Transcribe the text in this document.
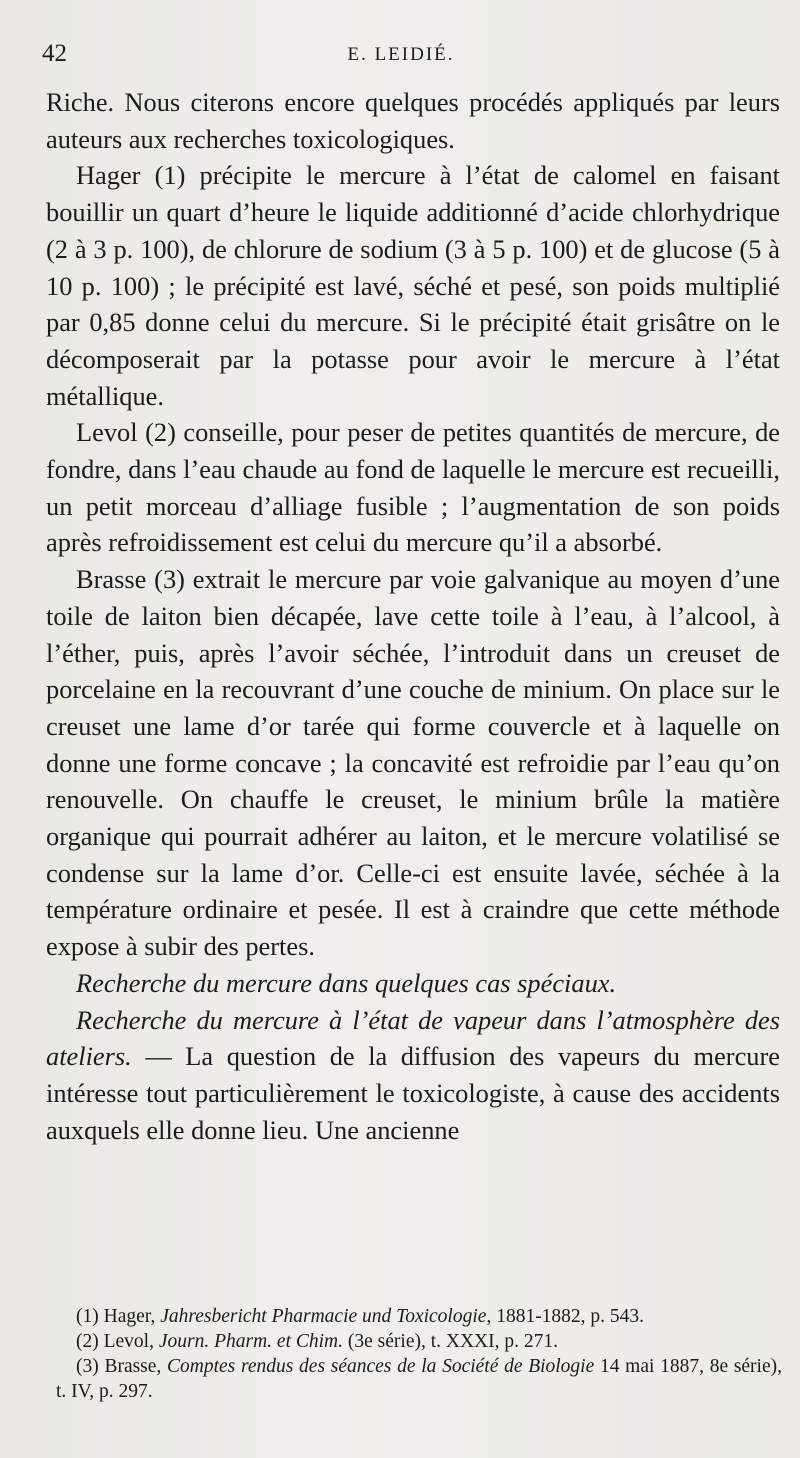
42	E. LEIDIÉ.

Riche. Nous citerons encore quelques procédés appliqués par leurs auteurs aux recherches toxicologiques.

Hager (1) précipite le mercure à l’état de calomel en faisant bouillir un quart d’heure le liquide additionné d’acide chlorhydrique (2 à 3 p. 100), de chlorure de sodium (3 à 5 p. 100) et de glucose (5 à 10 p. 100) ; le précipité est lavé, séché et pesé, son poids multiplié par 0,85 donne celui du mercure. Si le précipité était grisâtre on le décomposerait par la potasse pour avoir le mercure à l’état métallique.

Levol (2) conseille, pour peser de petites quantités de mercure, de fondre, dans l’eau chaude au fond de laquelle le mercure est recueilli, un petit morceau d’alliage fusible ; l’augmentation de son poids après refroidissement est celui du mercure qu’il a absorbé.

Brasse (3) extrait le mercure par voie galvanique au moyen d’une toile de laiton bien décapée, lave cette toile à l’eau, à l’alcool, à l’éther, puis, après l’avoir séchée, l’introduit dans un creuset de porcelaine en la recouvrant d’une couche de minium. On place sur le creuset une lame d’or tarée qui forme couvercle et à laquelle on donne une forme concave ; la concavité est refroidie par l’eau qu’on renouvelle. On chauffe le creuset, le minium brûle la matière organique qui pourrait adhérer au laiton, et le mercure volatilisé se condense sur la lame d’or. Celle-ci est ensuite lavée, séchée à la température ordinaire et pesée. Il est à craindre que cette méthode expose à subir des pertes.

Recherche du mercure dans quelques cas spéciaux.

Recherche du mercure à l’état de vapeur dans l’atmosphère des ateliers. — La question de la diffusion des vapeurs du mercure intéresse tout particulièrement le toxicologiste, à cause des accidents auxquels elle donne lieu. Une ancienne

(1) Hager, Jahresbericht Pharmacie und Toxicologie, 1881-1882, p. 543.

(2) Levol, Journ. Pharm. et Chim. (3e série), t. XXXI, p. 271.

(3) Brasse, Comptes rendus des séances de la Société de Biologie 14 mai 1887, 8e série), t. IV, p. 297.
